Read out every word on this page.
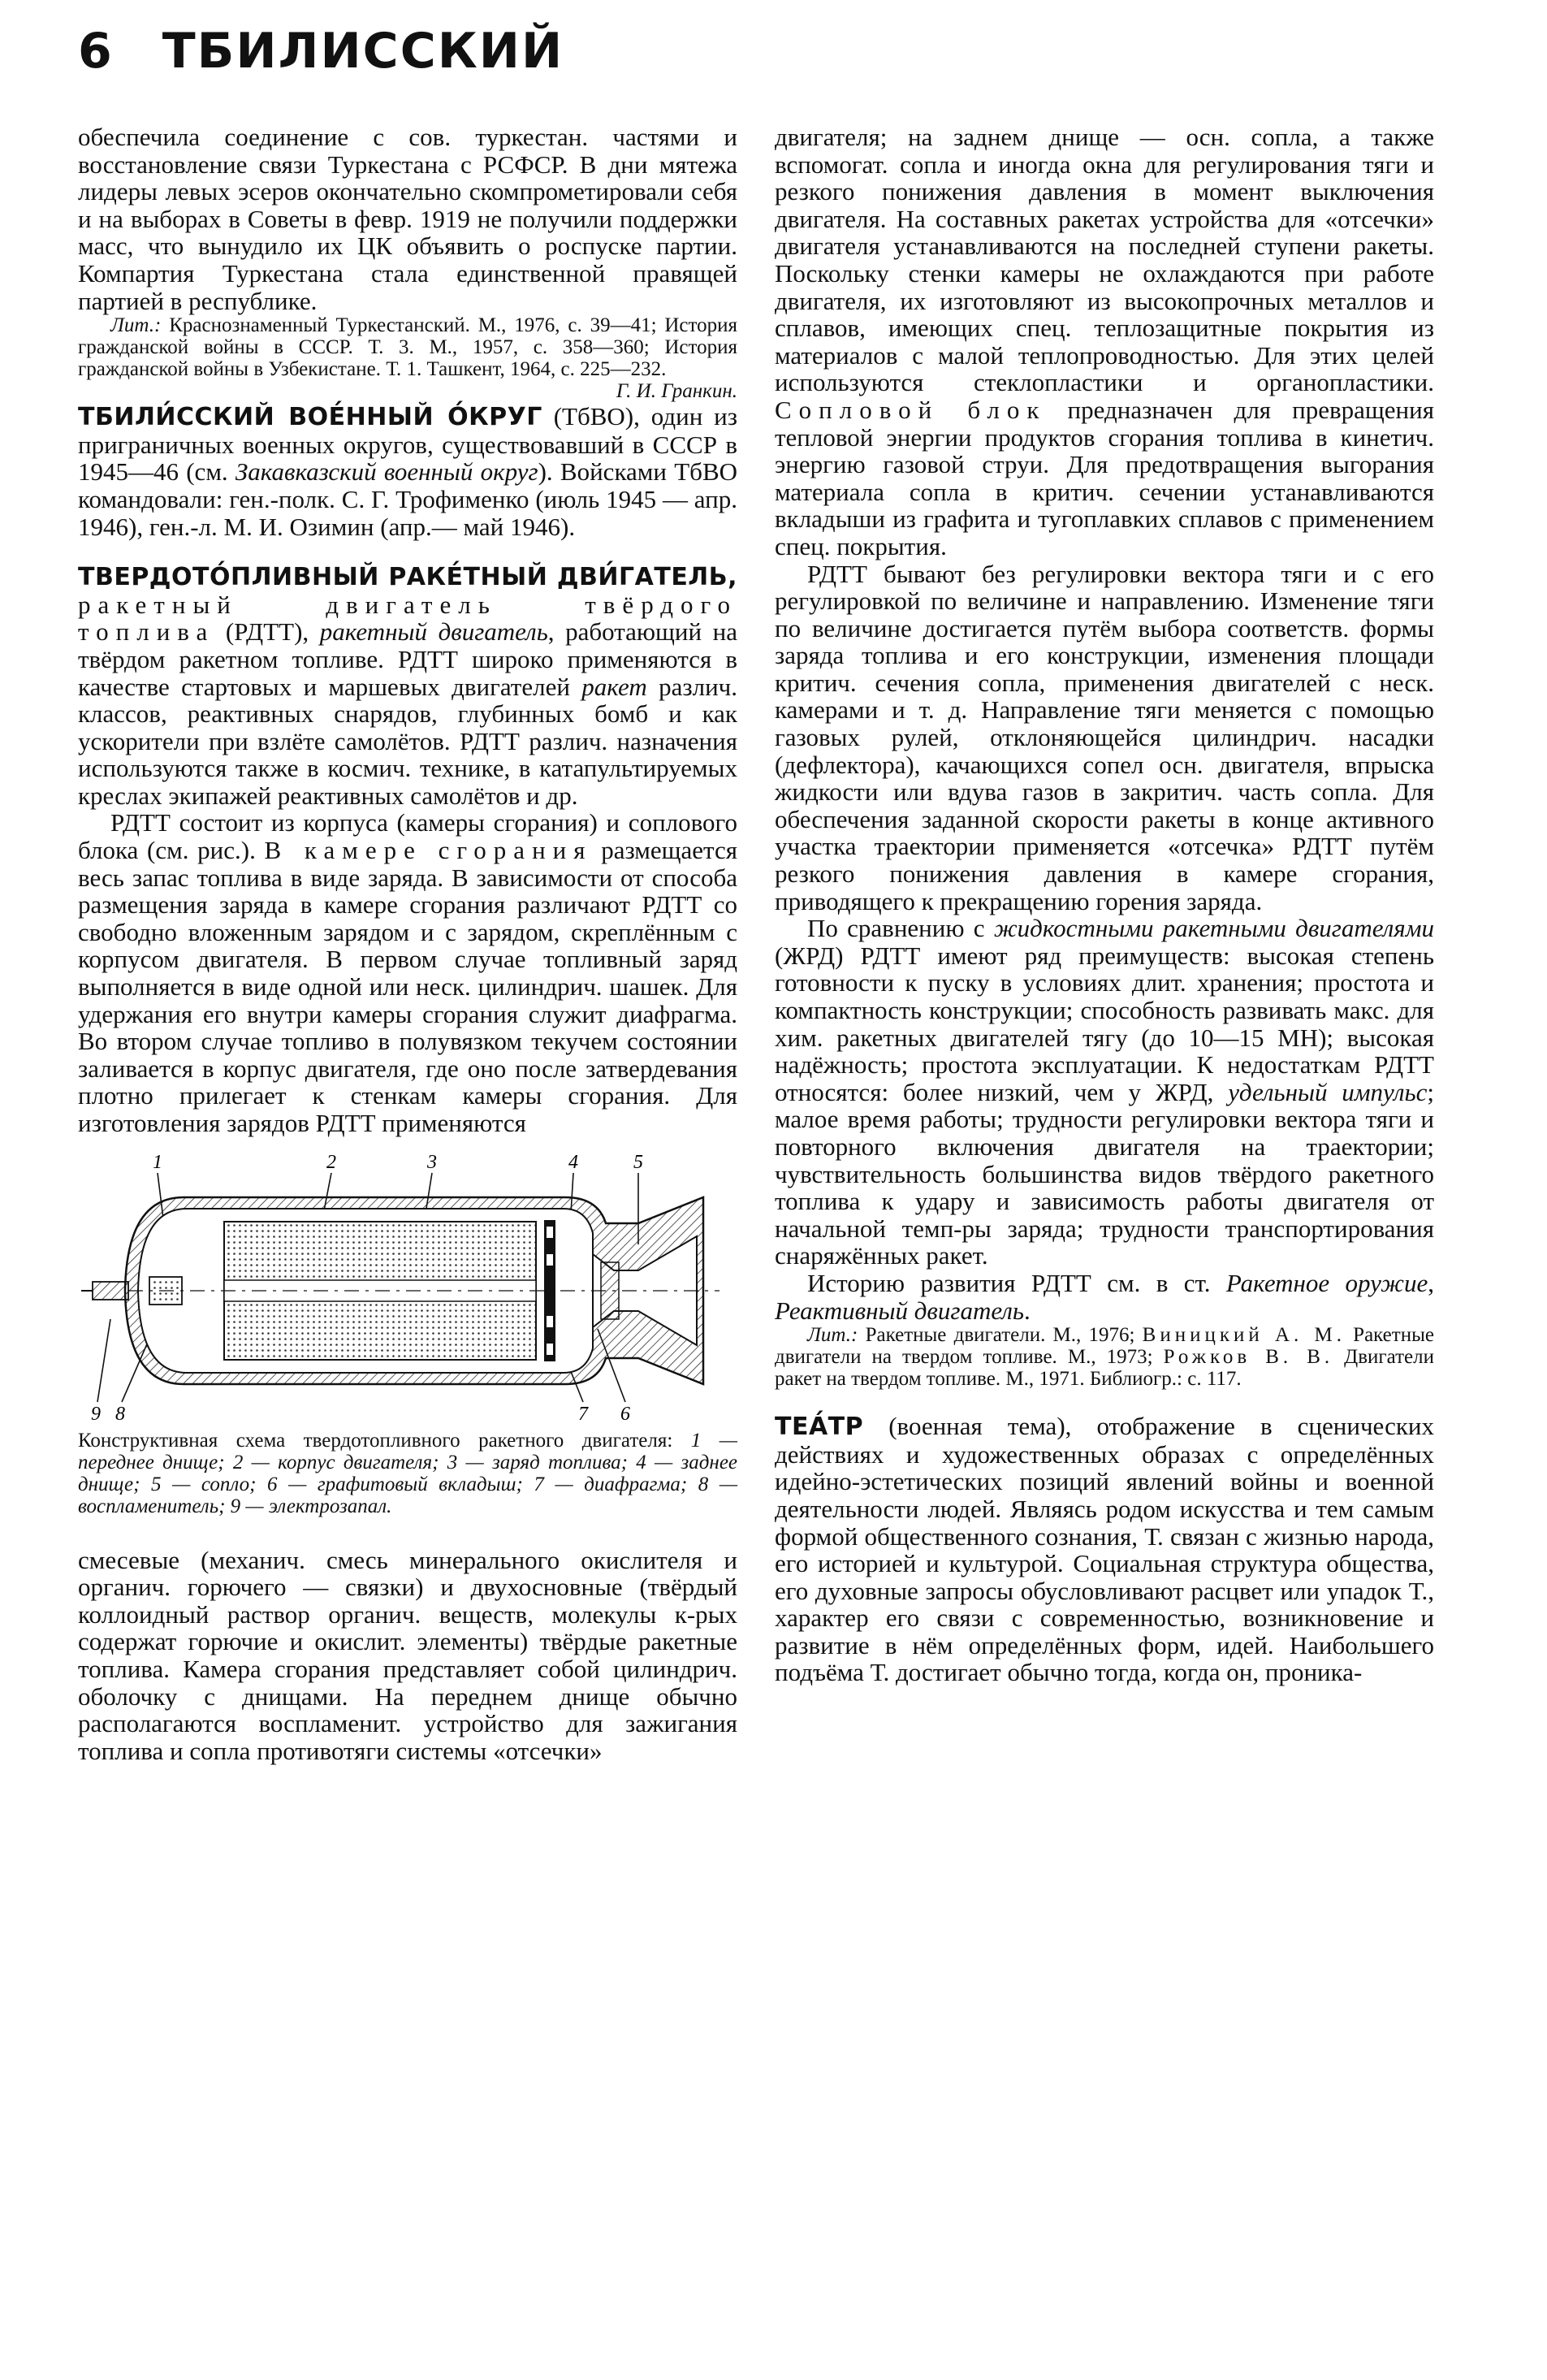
6 ТБИЛИССКИЙ

обеспечила соединение с сов. туркестан. частями и восстановление связи Туркестана с РСФСР. В дни мятежа лидеры левых эсеров окончательно скомпрометировали себя и на выборах в Советы в февр. 1919 не получили поддержки масс, что вынудило их ЦК объявить о роспуске партии. Компартия Туркестана стала единственной правящей партией в республике.

Лит.: Краснознаменный Туркестанский. М., 1976, с. 39—41; История гражданской войны в СССР. Т. 3. М., 1957, с. 358—360; История гражданской войны в Узбекистане. Т. 1. Ташкент, 1964, с. 225—232.
Г. И. Гранкин.

ТБИЛИ́ССКИЙ ВОЕ́ННЫЙ О́КРУГ (ТбВО), один из приграничных военных округов, существовавший в СССР в 1945—46 (см. Закавказский военный округ). Войсками ТбВО командовали: ген.-полк. С. Г. Трофименко (июль 1945 — апр. 1946), ген.-л. М. И. Озимин (апр.— май 1946).

ТВЕРДОТО́ПЛИВНЫЙ РАКЕ́ТНЫЙ ДВИ́ГАТЕЛЬ, ракетный двигатель твёрдого топлива (РДТТ), ракетный двигатель, работающий на твёрдом ракетном топливе. РДТТ широко применяются в качестве стартовых и маршевых двигателей ракет различ. классов, реактивных снарядов, глубинных бомб и как ускорители при взлёте самолётов. РДТТ различ. назначения используются также в космич. технике, в катапультируемых креслах экипажей реактивных самолётов и др.

РДТТ состоит из корпуса (камеры сгорания) и соплового блока (см. рис.). В камере сгорания размещается весь запас топлива в виде заряда. В зависимости от способа размещения заряда в камере сгорания различают РДТТ со свободно вложенным зарядом и с зарядом, скреплённым с корпусом двигателя. В первом случае топливный заряд выполняется в виде одной или неск. цилиндрич. шашек. Для удержания его внутри камеры сгорания служит диафрагма. Во втором случае топливо в полувязком текучем состоянии заливается в корпус двигателя, где оно после затвердевания плотно прилегает к стенкам камеры сгорания. Для изготовления зарядов РДТТ применяются

1	2	3	4	5
9 8	7 6
Конструктивная схема твердотопливного ракетного двигателя: 1 — переднее днище; 2 — корпус двигателя; 3 — заряд топлива; 4 — заднее днище; 5 — сопло; 6 — графитовый вкладыш; 7 — диафрагма; 8 — воспламенитель; 9 — электрозапал.

смесевые (механич. смесь минерального окислителя и органич. горючего — связки) и двухосновные (твёрдый коллоидный раствор органич. веществ, молекулы к-рых содержат горючие и окислит. элементы) твёрдые ракетные топлива. Камера сгорания представляет собой цилиндрич. оболочку с днищами. На переднем днище обычно располагаются воспламенит. устройство для зажигания топлива и сопла противотяги системы «отсечки»

двигателя; на заднем днище — осн. сопла, а также вспомогат. сопла и иногда окна для регулирования тяги и резкого понижения давления в момент выключения двигателя. На составных ракетах устройства для «отсечки» двигателя устанавливаются на последней ступени ракеты. Поскольку стенки камеры не охлаждаются при работе двигателя, их изготовляют из высокопрочных металлов и сплавов, имеющих спец. теплозащитные покрытия из материалов с малой теплопроводностью. Для этих целей используются стеклопластики и органопластики. Сопловой блок предназначен для превращения тепловой энергии продуктов сгорания топлива в кинетич. энергию газовой струи. Для предотвращения выгорания материала сопла в критич. сечении устанавливаются вкладыши из графита и тугоплавких сплавов с применением спец. покрытия.

РДТТ бывают без регулировки вектора тяги и с его регулировкой по величине и направлению. Изменение тяги по величине достигается путём выбора соответств. формы заряда топлива и его конструкции, изменения площади критич. сечения сопла, применения двигателей с неск. камерами и т. д. Направление тяги меняется с помощью газовых рулей, отклоняющейся цилиндрич. насадки (дефлектора), качающихся сопел осн. двигателя, впрыска жидкости или вдува газов в закритич. часть сопла. Для обеспечения заданной скорости ракеты в конце активного участка траектории применяется «отсечка» РДТТ путём резкого понижения давления в камере сгорания, приводящего к прекращению горения заряда.

По сравнению с жидкостными ракетными двигателями (ЖРД) РДТТ имеют ряд преимуществ: высокая степень готовности к пуску в условиях длит. хранения; простота и компактность конструкции; способность развивать макс. для хим. ракетных двигателей тягу (до 10—15 МН); высокая надёжность; простота эксплуатации. К недостаткам РДТТ относятся: более низкий, чем у ЖРД, удельный импульс; малое время работы; трудности регулировки вектора тяги и повторного включения двигателя на траектории; чувствительность большинства видов твёрдого ракетного топлива к удару и зависимость работы двигателя от начальной темп-ры заряда; трудности транспортирования снаряжённых ракет.

Историю развития РДТТ см. в ст. Ракетное оружие, Реактивный двигатель.

Лит.: Ракетные двигатели. М., 1976; Виницкий А. М. Ракетные двигатели на твердом топливе. М., 1973; Рожков В. В. Двигатели ракет на твердом топливе. М., 1971. Библиогр.: с. 117.

ТЕА́ТР (военная тема), отображение в сценических действиях и художественных образах с определённых идейно-эстетических позиций явлений войны и военной деятельности людей. Являясь родом искусства и тем самым формой общественного сознания, Т. связан с жизнью народа, его историей и культурой. Социальная структура общества, его духовные запросы обусловливают расцвет или упадок Т., характер его связи с современностью, возникновение и развитие в нём определённых форм, идей. Наибольшего подъёма Т. достигает обычно тогда, когда он, проника-
